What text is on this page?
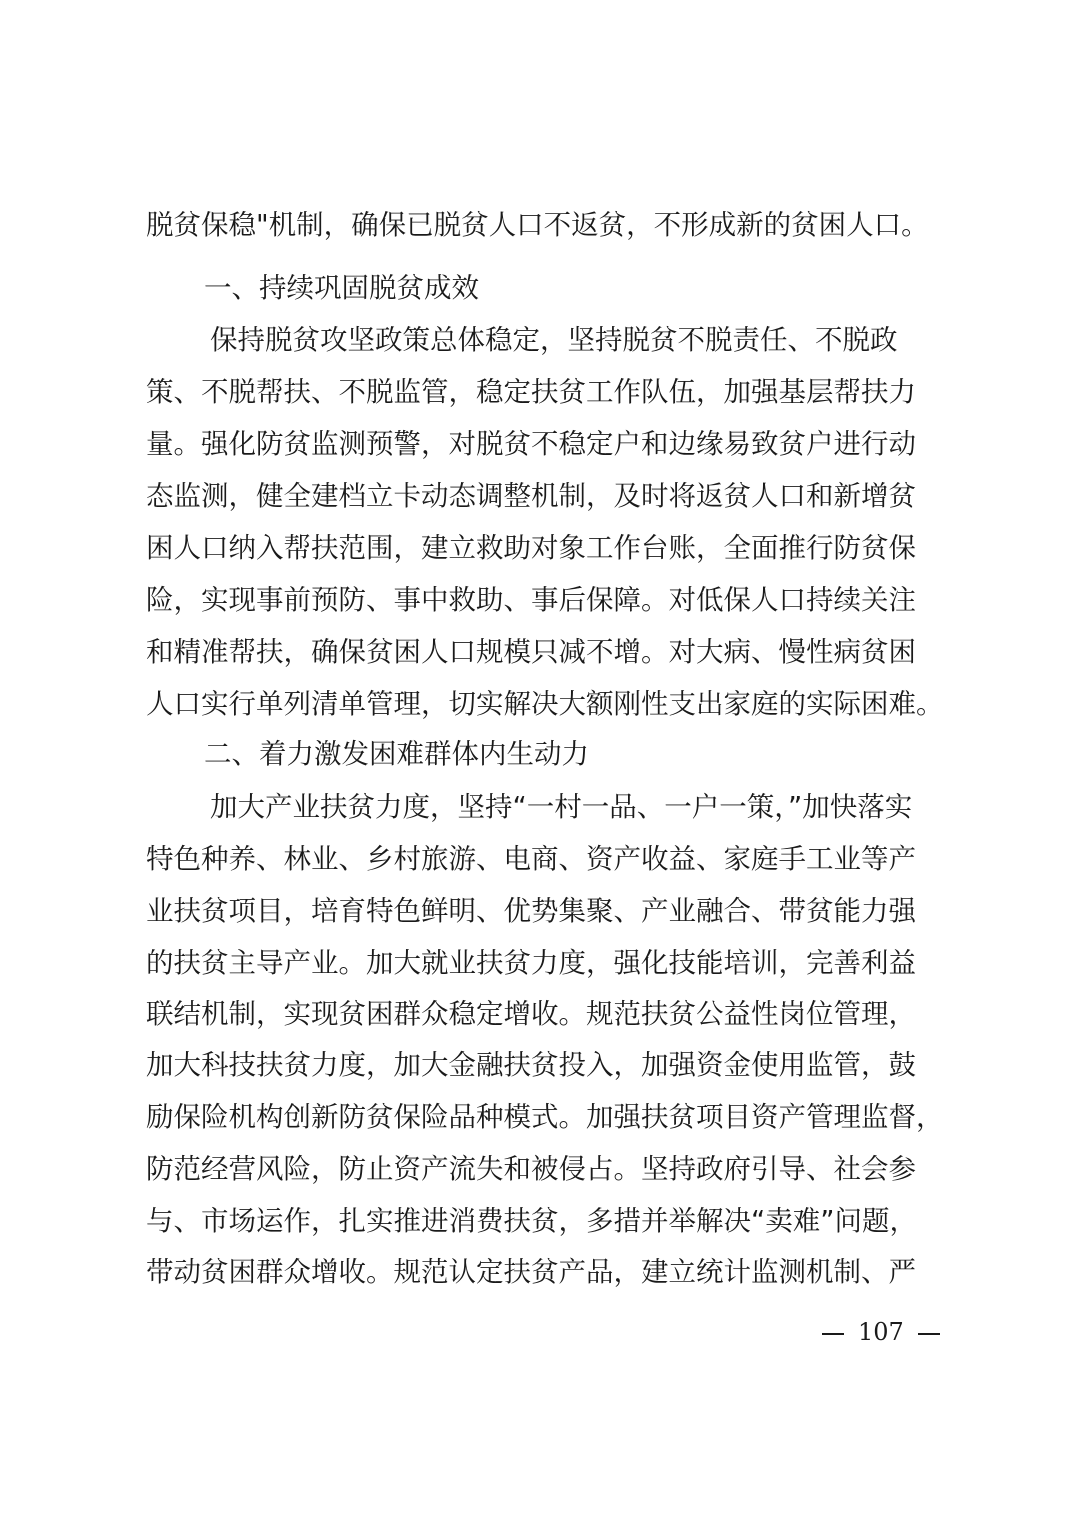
脱贫保稳"机制，确保已脱贫人口不返贫，不形成新的贫困人口。
一、持续巩固脱贫成效
保持脱贫攻坚政策总体稳定，坚持脱贫不脱责任、不脱政
策、不脱帮扶、不脱监管，稳定扶贫工作队伍，加强基层帮扶力
量。强化防贫监测预警，对脱贫不稳定户和边缘易致贫户进行动
态监测，健全建档立卡动态调整机制，及时将返贫人口和新增贫
困人口纳入帮扶范围，建立救助对象工作台账，全面推行防贫保
险，实现事前预防、事中救助、事后保障。对低保人口持续关注
和精准帮扶，确保贫困人口规模只减不增。对大病、慢性病贫困
人口实行单列清单管理，切实解决大额刚性支出家庭的实际困难。
二、着力激发困难群体内生动力
加大产业扶贫力度，坚持“一村一品、一户一策，”加快落实
特色种养、林业、乡村旅游、电商、资产收益、家庭手工业等产
业扶贫项目，培育特色鲜明、优势集聚、产业融合、带贫能力强
的扶贫主导产业。加大就业扶贫力度，强化技能培训，完善利益
联结机制，实现贫困群众稳定增收。规范扶贫公益性岗位管理，
加大科技扶贫力度，加大金融扶贫投入，加强资金使用监管，鼓
励保险机构创新防贫保险品种模式。加强扶贫项目资产管理监督，
防范经营风险，防止资产流失和被侵占。坚持政府引导、社会参
与、市场运作，扎实推进消费扶贫，多措并举解决“卖难”问题，
带动贫困群众增收。规范认定扶贫产品，建立统计监测机制、严
107
